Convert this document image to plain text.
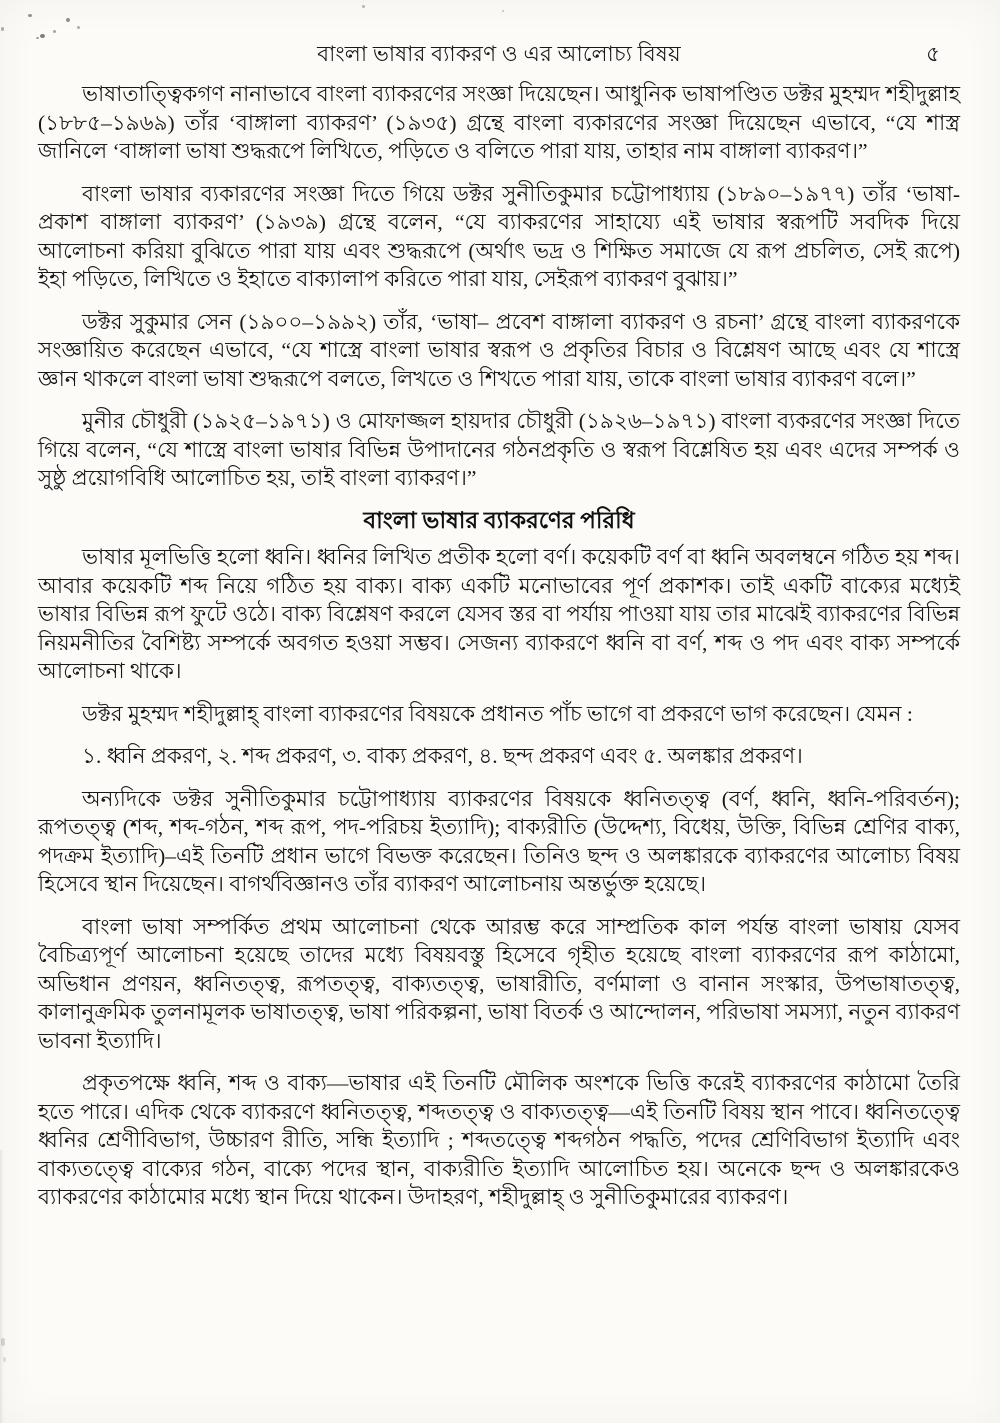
বাংলা ভাষার ব্যাকরণ ও এর আলোচ্য বিষয়	৫

ভাষাতাত্ত্বিকগণ নানাভাবে বাংলা ব্যাকরণের সংজ্ঞা দিয়েছেন। আধুনিক ভাষাপণ্ডিত ডক্টর মুহম্মদ শহীদুল্লাহ (১৮৮৫–১৯৬৯) তাঁর ‘বাঙ্গালা ব্যাকরণ’ (১৯৩৫) গ্রন্থে বাংলা ব্যকারণের সংজ্ঞা দিয়েছেন এভাবে, “যে শাস্ত্র জানিলে ‘বাঙ্গালা ভাষা শুদ্ধরূপে লিখিতে, পড়িতে ও বলিতে পারা যায়, তাহার নাম বাঙ্গালা ব্যাকরণ।”

বাংলা ভাষার ব্যকারণের সংজ্ঞা দিতে গিয়ে ডক্টর সুনীতিকুমার চট্টোপাধ্যায় (১৮৯০–১৯৭৭) তাঁর ‘ভাষা-প্রকাশ বাঙ্গালা ব্যাকরণ’ (১৯৩৯) গ্রন্থে বলেন, “যে ব্যাকরণের সাহায্যে এই ভাষার স্বরূপটি সবদিক দিয়ে আলোচনা করিয়া বুঝিতে পারা যায় এবং শুদ্ধরূপে (অর্থাৎ ভদ্র ও শিক্ষিত সমাজে যে রূপ প্রচলিত, সেই রূপে) ইহা পড়িতে, লিখিতে ও ইহাতে বাক্যালাপ করিতে পারা যায়, সেইরূপ ব্যাকরণ বুঝায়।”

ডক্টর সুকুমার সেন (১৯০০–১৯৯২) তাঁর, ‘ভাষা– প্রবেশ বাঙ্গালা ব্যাকরণ ও রচনা’ গ্রন্থে বাংলা ব্যাকরণকে সংজ্ঞায়িত করেছেন এভাবে, “যে শাস্ত্রে বাংলা ভাষার স্বরূপ ও প্রকৃতির বিচার ও বিশ্লেষণ আছে এবং যে শাস্ত্রে জ্ঞান থাকলে বাংলা ভাষা শুদ্ধরূপে বলতে, লিখতে ও শিখতে পারা যায়, তাকে বাংলা ভাষার ব্যাকরণ বলে।”

মুনীর চৌধুরী (১৯২৫–১৯৭১) ও মোফাজ্জল হায়দার চৌধুরী (১৯২৬–১৯৭১) বাংলা ব্যকরণের সংজ্ঞা দিতে গিয়ে বলেন, “যে শাস্ত্রে বাংলা ভাষার বিভিন্ন উপাদানের গঠনপ্রকৃতি ও স্বরূপ বিশ্লেষিত হয় এবং এদের সম্পর্ক ও সুষ্ঠু প্রয়োগবিধি আলোচিত হয়, তাই বাংলা ব্যাকরণ।”

বাংলা ভাষার ব্যাকরণের পরিধি

ভাষার মূলভিত্তি হলো ধ্বনি। ধ্বনির লিখিত প্রতীক হলো বর্ণ। কয়েকটি বর্ণ বা ধ্বনি অবলম্বনে গঠিত হয় শব্দ। আবার কয়েকটি শব্দ নিয়ে গঠিত হয় বাক্য। বাক্য একটি মনোভাবের পূর্ণ প্রকাশক। তাই একটি বাক্যের মধ্যেই ভাষার বিভিন্ন রূপ ফুটে ওঠে। বাক্য বিশ্লেষণ করলে যেসব স্তর বা পর্যায় পাওয়া যায় তার মাঝেই ব্যাকরণের বিভিন্ন নিয়মনীতির বৈশিষ্ট্য সম্পর্কে অবগত হওয়া সম্ভব। সেজন্য ব্যাকরণে ধ্বনি বা বর্ণ, শব্দ ও পদ এবং বাক্য সম্পর্কে আলোচনা থাকে।

ডক্টর মুহম্মদ শহীদুল্লাহ্‌ বাংলা ব্যাকরণের বিষয়কে প্রধানত পাঁচ ভাগে বা প্রকরণে ভাগ করেছেন। যেমন :

১. ধ্বনি প্রকরণ, ২. শব্দ প্রকরণ, ৩. বাক্য প্রকরণ, ৪. ছন্দ প্রকরণ এবং ৫. অলঙ্কার প্রকরণ।

অন্যদিকে ডক্টর সুনীতিকুমার চট্টোপাধ্যায় ব্যাকরণের বিষয়কে ধ্বনিতত্ত্ব (বর্ণ, ধ্বনি, ধ্বনি-পরিবর্তন); রূপতত্ত্ব (শব্দ, শব্দ-গঠন, শব্দ রূপ, পদ-পরিচয় ইত্যাদি); বাক্যরীতি (উদ্দেশ্য, বিধেয়, উক্তি, বিভিন্ন শ্রেণির বাক্য, পদক্রম ইত্যাদি)–এই তিনটি প্রধান ভাগে বিভক্ত করেছেন। তিনিও ছন্দ ও অলঙ্কারকে ব্যাকরণের আলোচ্য বিষয় হিসেবে স্থান দিয়েছেন। বাগর্থবিজ্ঞানও তাঁর ব্যাকরণ আলোচনায় অন্তর্ভুক্ত হয়েছে।

বাংলা ভাষা সম্পর্কিত প্রথম আলোচনা থেকে আরম্ভ করে সাম্প্রতিক কাল পর্যন্ত বাংলা ভাষায় যেসব বৈচিত্র্যপূর্ণ আলোচনা হয়েছে তাদের মধ্যে বিষয়বস্তু হিসেবে গৃহীত হয়েছে বাংলা ব্যাকরণের রূপ কাঠামো, অভিধান প্রণয়ন, ধ্বনিতত্ত্ব, রূপতত্ত্ব, বাক্যতত্ত্ব, ভাষারীতি, বর্ণমালা ও বানান সংস্কার, উপভাষাতত্ত্ব, কালানুক্রমিক তুলনামূলক ভাষাতত্ত্ব, ভাষা পরিকল্পনা, ভাষা বিতর্ক ও আন্দোলন, পরিভাষা সমস্যা, নতুন ব্যাকরণ ভাবনা ইত্যাদি।

প্রকৃতপক্ষে ধ্বনি, শব্দ ও বাক্য—ভাষার এই তিনটি মৌলিক অংশকে ভিত্তি করেই ব্যাকরণের কাঠামো তৈরি হতে পারে। এদিক থেকে ব্যাকরণে ধ্বনিতত্ত্ব, শব্দতত্ত্ব ও বাক্যতত্ত্ব—এই তিনটি বিষয় স্থান পাবে। ধ্বনিতত্ত্বে ধ্বনির শ্রেণীবিভাগ, উচ্চারণ রীতি, সন্ধি ইত্যাদি ; শব্দতত্ত্বে শব্দগঠন পদ্ধতি, পদের শ্রেণিবিভাগ ইত্যাদি এবং বাক্যতত্ত্বে বাক্যের গঠন, বাক্যে পদের স্থান, বাক্যরীতি ইত্যাদি আলোচিত হয়। অনেকে ছন্দ ও অলঙ্কারকেও ব্যাকরণের কাঠামোর মধ্যে স্থান দিয়ে থাকেন। উদাহরণ, শহীদুল্লাহ্‌ ও সুনীতিকুমারের ব্যাকরণ।
